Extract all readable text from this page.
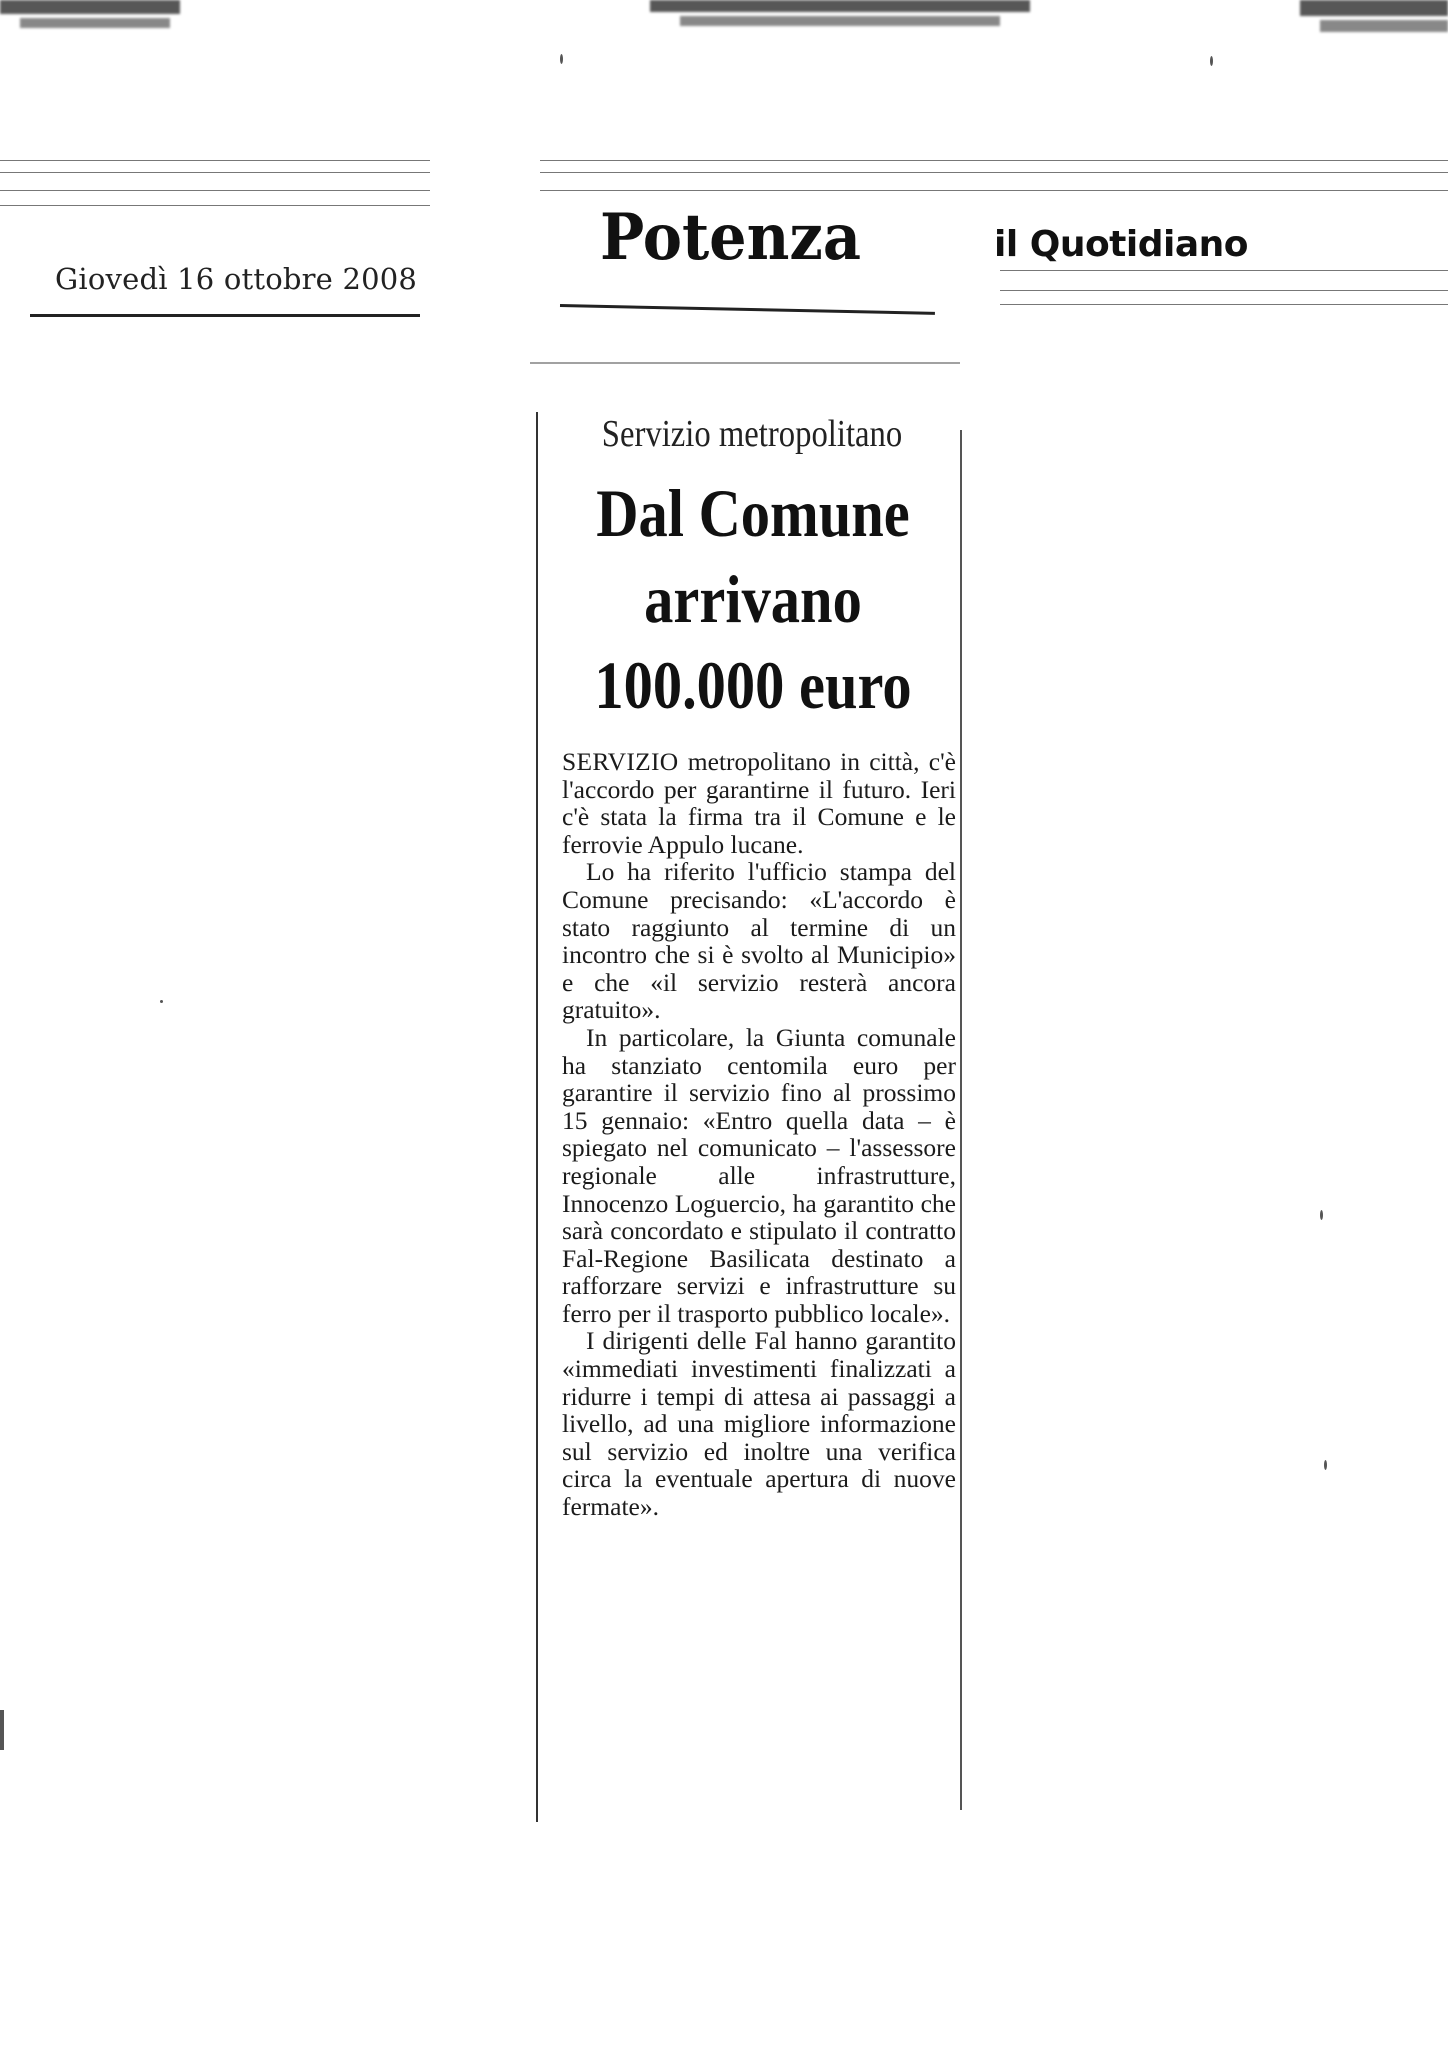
Giovedì 16 ottobre 2008
Potenza	il Quotidiano
Servizio metropolitano
Dal Comune arrivano 100.000 euro

SERVIZIO metropolitano in città, c'è l'accordo per garantirne il futuro. Ieri c'è stata la firma tra il Comune e le ferrovie Appulo lucane.

Lo ha riferito l'ufficio stampa del Comune precisando: «L'accordo è stato raggiunto al termine di un incontro che si è svolto al Municipio» e che «il servizio resterà ancora gratuito».

In particolare, la Giunta comunale ha stanziato centomila euro per garantire il servizio fino al prossimo 15 gennaio: «Entro quella data – è spiegato nel comunicato – l'assessore regionale alle infrastrutture, Innocenzo Loguercio, ha garantito che sarà concordato e stipulato il contratto Fal-Regione Basilicata destinato a rafforzare servizi e infrastrutture su ferro per il trasporto pubblico locale».

I dirigenti delle Fal hanno garantito «immediati investimenti finalizzati a ridurre i tempi di attesa ai passaggi a livello, ad una migliore informazione sul servizio ed inoltre una verifica circa la eventuale apertura di nuove fermate».
